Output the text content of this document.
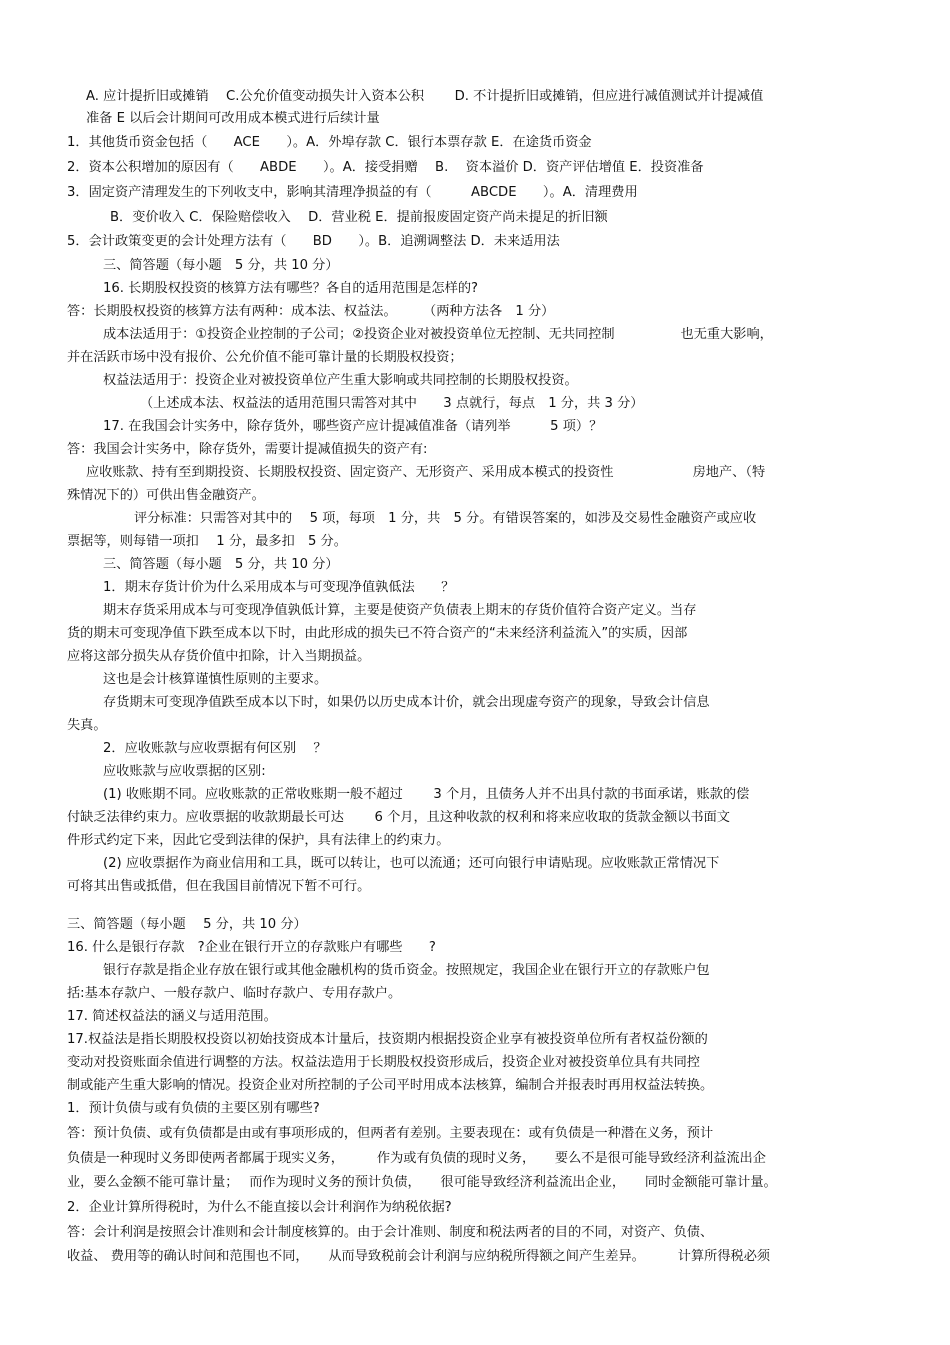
A. 应计提折旧或摊销　 C.公允价值变动损失计入资本公积　　 D. 不计提折旧或摊销，但应进行减值测试并计提减值
准备 E 以后会计期间可改用成本模式进行后续计量
1．其他货币资金包括（　　ACE　　）。A．外埠存款 C．银行本票存款 E．在途货币资金
2．资本公积增加的原因有（　　ABDE　　）。A．接受捐赠　 B.　 资本溢价 D．资产评估增值 E．投资准备
3．固定资产清理发生的下列收支中，影响其清理净损益的有（　　　ABCDE　　）。A．清理费用
B．变价收入 C．保险赔偿收入　 D．营业税 E．提前报废固定资产尚未提足的折旧额
5．会计政策变更的会计处理方法有（　　BD　　）。B．追溯调整法 D．未来适用法
三、简答题（每小题　5 分，共 10 分）
16. 长期股权投资的核算方法有哪些？各自的适用范围是怎样的?
答：长期股权投资的核算方法有两种：成本法、权益法。　　　（两种方法各　1 分）
成本法适用于：①投资企业控制的子公司；②投资企业对被投资单位无控制、无共同控制　　　　　也无重大影响，
并在活跃市场中没有报价、公允价值不能可靠计量的长期股权投资；
权益法适用于：投资企业对被投资单位产生重大影响或共同控制的长期股权投资。
（上述成本法、权益法的适用范围只需答对其中　　3 点就行，每点　1 分，共 3 分）
17. 在我国会计实务中，除存货外，哪些资产应计提减值准备（请列举　　　5 项）？
答：我国会计实务中，除存货外，需要计提减值损失的资产有:
应收账款、持有至到期投资、长期股权投资、固定资产、无形资产、采用成本模式的投资性　　　　　　房地产、（特
殊情况下的）可供出售金融资产。
评分标准：只需答对其中的　 5 项，每项　1 分，共　5 分。有错误答案的，如涉及交易性金融资产或应收
票据等，则每错一项扣　 1 分，最多扣　5 分。
三、简答题（每小题　5 分，共 10 分）
1．期末存货计价为什么采用成本与可变现净值孰低法　　？
期末存货采用成本与可变现净值孰低计算，主要是使资产负债表上期末的存货价值符合资产定义。当存
货的期末可变现净值下跌至成本以下时，由此形成的损失已不符合资产的“未来经济利益流入”的实质，因部
应将这部分损失从存货价值中扣除，计入当期损益。
这也是会计核算谨慎性原则的主要求。
存货期末可变现净值跌至成本以下时，如果仍以历史成本计价，就会出现虚夸资产的现象，导致会计信息
失真。
2．应收账款与应收票据有何区别　 ？
应收账款与应收票据的区别:
(1) 收账期不同。应收账款的正常收账期一般不超过　　 3 个月，且债务人并不出具付款的书面承诺，账款的偿
付缺乏法律约束力。应收票据的收款期最长可达　　 6 个月，且这种收款的权利和将来应收取的货款金额以书面文
件形式约定下来，因此它受到法律的保护，具有法律上的约束力。
(2) 应收票据作为商业信用和工具，既可以转让，也可以流通；还可向银行申请贴现。应收账款正常情况下
可将其出售或抵借，但在我国目前情况下暂不可行。
三、简答题（每小题　 5 分，共 10 分）
16. 什么是银行存款　?企业在银行开立的存款账户有哪些　　?
银行存款是指企业存放在银行或其他金融机构的货币资金。按照规定，我国企业在银行开立的存款账户包
括:基本存款户、一般存款户、临时存款户、专用存款户。
17. 简述权益法的涵义与适用范围。
17.权益法是指长期股权投资以初始技资成本计量后，技资期内根据投资企业享有被投资单位所有者权益份额的
变动对投资账面余值进行调整的方法。权益法造用于长期股权投资形成后，投资企业对被投资单位具有共同控
制或能产生重大影响的情况。投资企业对所控制的子公司平时用成本法核算，编制合并报表时再用权益法转换。
1．预计负债与或有负债的主要区别有哪些?
答：预计负债、或有负债都是由或有事项形成的，但两者有差别。主要表现在：或有负债是一种潜在义务，预计
负债是一种现时义务即使两者都属于现实义务，　　　作为或有负债的现时义务，　　要么不是很可能导致经济利益流出企
业，要么金额不能可靠计量；　 而作为现时义务的预计负债，　　很可能导致经济利益流出企业，　　同时金额能可靠计量。
2．企业计算所得税时，为什么不能直接以会计利润作为纳税依据?
答：会计利润是按照会计准则和会计制度核算的。由于会计准则、制度和税法两者的目的不同，对资产、负债、
收益、 费用等的确认时间和范围也不同，　　从而导致税前会计利润与应纳税所得额之间产生差异。　　　计算所得税必须
